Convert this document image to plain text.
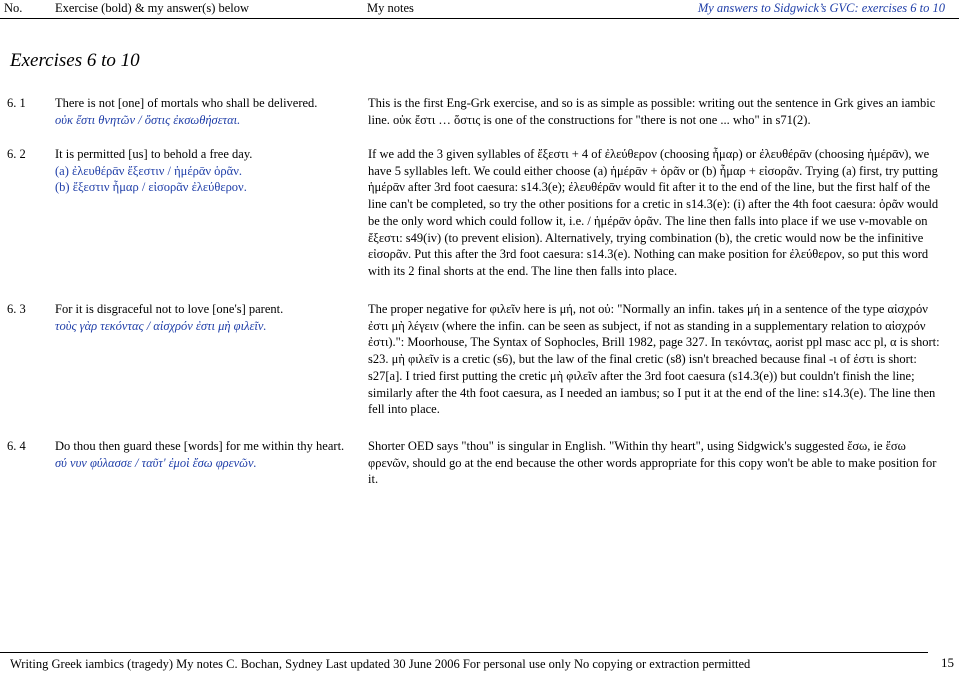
No.	Exercise (bold) & my answer(s) below	My notes	My answers to Sidgwick’s GVC: exercises 6 to 10
Exercises 6 to 10
6. 1 There is not [one] of mortals who shall be delivered.
οὐκ ἔστι θνητῶν / ὅστις ἐκσωθήσεται.

This is the first Eng-Grk exercise, and so is as simple as possible: writing out the sentence in Grk gives an iambic line. οὐκ ἔστι … ὅστις is one of the constructions for "there is not one ... who" in s71(2).

6. 2 It is permitted [us] to behold a free day.
(a) ἐλευθέρᾱν ἔξεστιν / ἡμέρᾱν ὁρᾶν.
(b) ἔξεστιν ἦμαρ / εἰσορᾶν ἐλεύθερον.

If we add the 3 given syllables of ἔξεστι + 4 of ἐλεύθερον (choosing ἦμαρ) or ἐλευθέρᾱν (choosing ἡμέρᾱν), we have 5 syllables left. We could either choose (a) ἡμέρᾱν + ὁρᾶν or (b) ἦμαρ + εἰσορᾶν. Trying (a) first, try putting ἡμέρᾱν after 3rd foot caesura: s14.3(e); ἐλευθέρᾱν would fit after it to the end of the line, but the first half of the line can't be completed, so try the other positions for a cretic in s14.3(e): (i) after the 4th foot caesura: ὁρᾶν would be the only word which could follow it, i.e. / ἡμέρᾱν ὁρᾶν. The line then falls into place if we use ν-movable on ἔξεστι: s49(iv) (to prevent elision). Alternatively, trying combination (b), the cretic would now be the infinitive εἰσορᾶν. Put this after the 3rd foot caesura: s14.3(e). Nothing can make position for ἐλεύθερον, so put this word with its 2 final shorts at the end. The line then falls into place.

6. 3 For it is disgraceful not to love [one's] parent.
τοὺς γὰρ τεκόντας / αἰσχρόν ἐστι μὴ φιλεῖν.

The proper negative for φιλεῖν here is μή, not οὐ: "Normally an infin. takes μή in a sentence of the type αἰσχρόν ἐστι μὴ λέγειν (where the infin. can be seen as subject, if not as standing in a supplementary relation to αἰσχρόν ἐστι).": Moorhouse, The Syntax of Sophocles, Brill 1982, page 327. In τεκόντας, aorist ppl masc acc pl, α is short: s23. μὴ φιλεῖν is a cretic (s6), but the law of the final cretic (s8) isn't breached because final -ι of ἐστι is short: s27[a]. I tried first putting the cretic μὴ φιλεῖν after the 3rd foot caesura (s14.3(e)) but couldn't finish the line; similarly after the 4th foot caesura, as I needed an iambus; so I put it at the end of the line: s14.3(e). The line then fell into place.

6. 4 Do thou then guard these [words] for me within thy heart.
σύ νυν φύλασσε / ταῦτ' ἐμοὶ ἔσω φρενῶν.

Shorter OED says "thou" is singular in English. "Within thy heart", using Sidgwick's suggested ἔσω, ie ἔσω φρενῶν, should go at the end because the other words appropriate for this copy won't be able to make position for it.

Writing Greek iambics (tragedy) My notes C. Bochan, Sydney Last updated 30 June 2006 For personal use only No copying or extraction permitted	15
